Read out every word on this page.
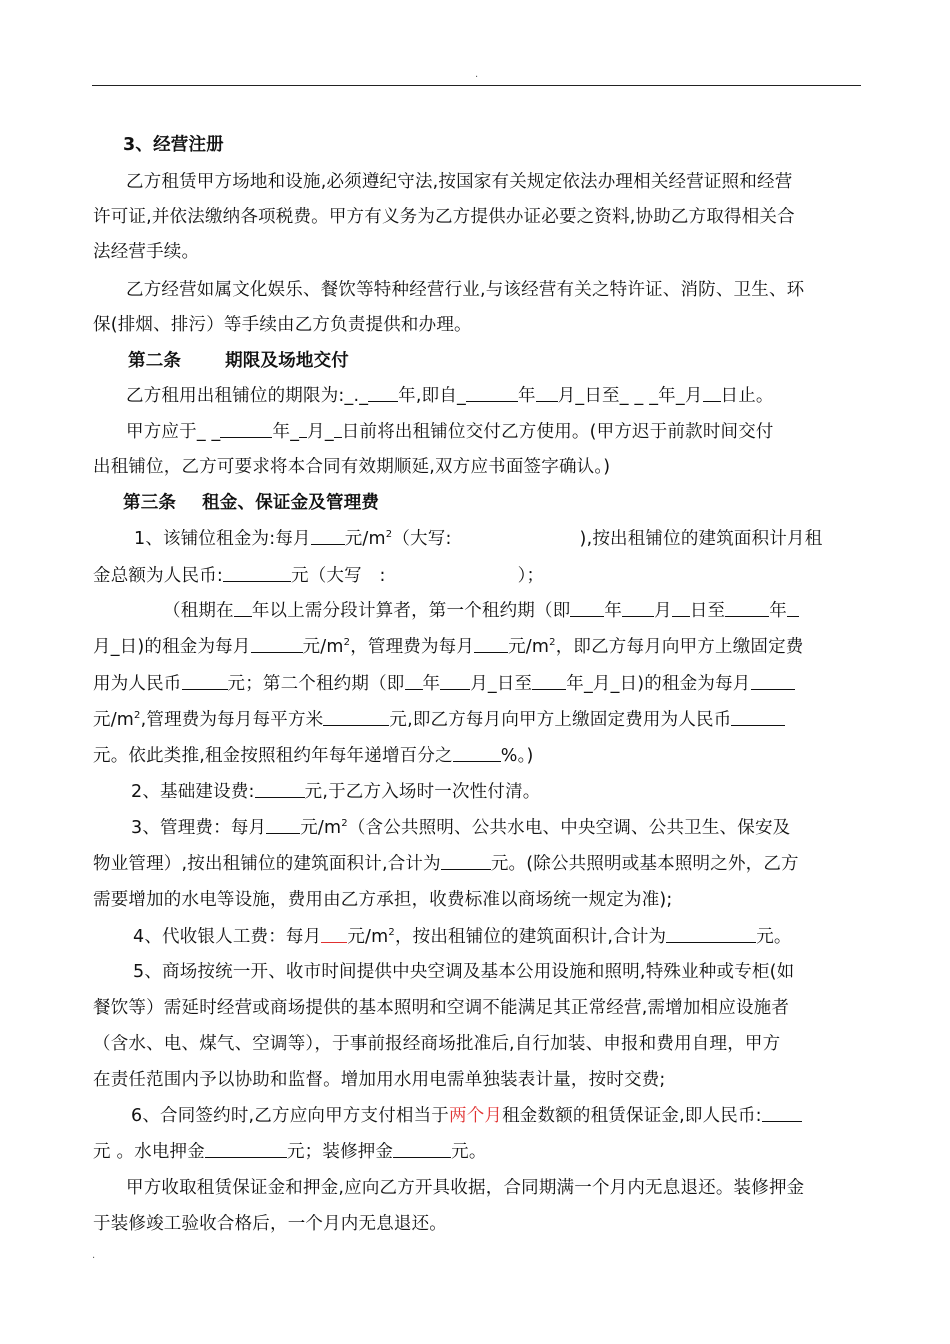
.
3、经营注册
乙方租赁甲方场地和设施,必须遵纪守法,按国家有关规定依法办理相关经营证照和经营
许可证,并依法缴纳各项税费。甲方有义务为乙方提供办证必要之资料,协助乙方取得相关合
法经营手续。
乙方经营如属文化娱乐、餐饮等特种经营行业,与该经营有关之特许证、消防、卫生、环
保(排烟、排污）等手续由乙方负责提供和办理。
第二条	期限及场地交付
乙方租用出租铺位的期限为:_._ 年,即自_	年 月_日至_ _ _年_月 日止。
甲方应于_ _	年_ 月_ 日前将出租铺位交付乙方使用。(甲方迟于前款时间交付
出租铺位，乙方可要求将本合同有效期顺延,双方应书面签字确认。)
第三条 租金、保证金及管理费
1、该铺位租金为:每月 元$/m^2$（大写:	),按出租铺位的建筑面积计月租
金总额为人民币:	元（大写　:	）；
（租期在 年以上需分段计算者，第一个租约期（即 年 月 日至	年
月_日)的租金为每月	元$/m^2$，管理费为每月 元$/m^2$，即乙方每月向甲方上缴固定费
用为人民币	元；第二个租约期（即 年 月_日至 年_月_日)的租金为每月
元$/m^2$,管理费为每月每平方米	元,即乙方每月向甲方上缴固定费用为人民币
元。依此类推,租金按照租约年每年递增百分之	%。)
2、基础建设费:	元,于乙方入场时一次性付清。
3、管理费：每月 元$/m^2$（含公共照明、公共水电、中央空调、公共卫生、保安及
物业管理）,按出租铺位的建筑面积计,合计为	元。(除公共照明或基本照明之外，乙方
需要增加的水电等设施，费用由乙方承担，收费标准以商场统一规定为准);
4、代收银人工费：每月 元$/m^2$，按出租铺位的建筑面积计,合计为	元。
5、商场按统一开、收市时间提供中央空调及基本公用设施和照明,特殊业种或专柜(如
餐饮等）需延时经营或商场提供的基本照明和空调不能满足其正常经营,需增加相应设施者
（含水、电、煤气、空调等），于事前报经商场批准后,自行加装、申报和费用自理，甲方
在责任范围内予以协助和监督。增加用水用电需单独装表计量，按时交费;
6、合同签约时,乙方应向甲方支付相当于两个月租金数额的租赁保证金,即人民币:
元 。水电押金	元；装修押金	元。
甲方收取租赁保证金和押金,应向乙方开具收据，合同期满一个月内无息退还。装修押金
于装修竣工验收合格后，一个月内无息退还。
.
